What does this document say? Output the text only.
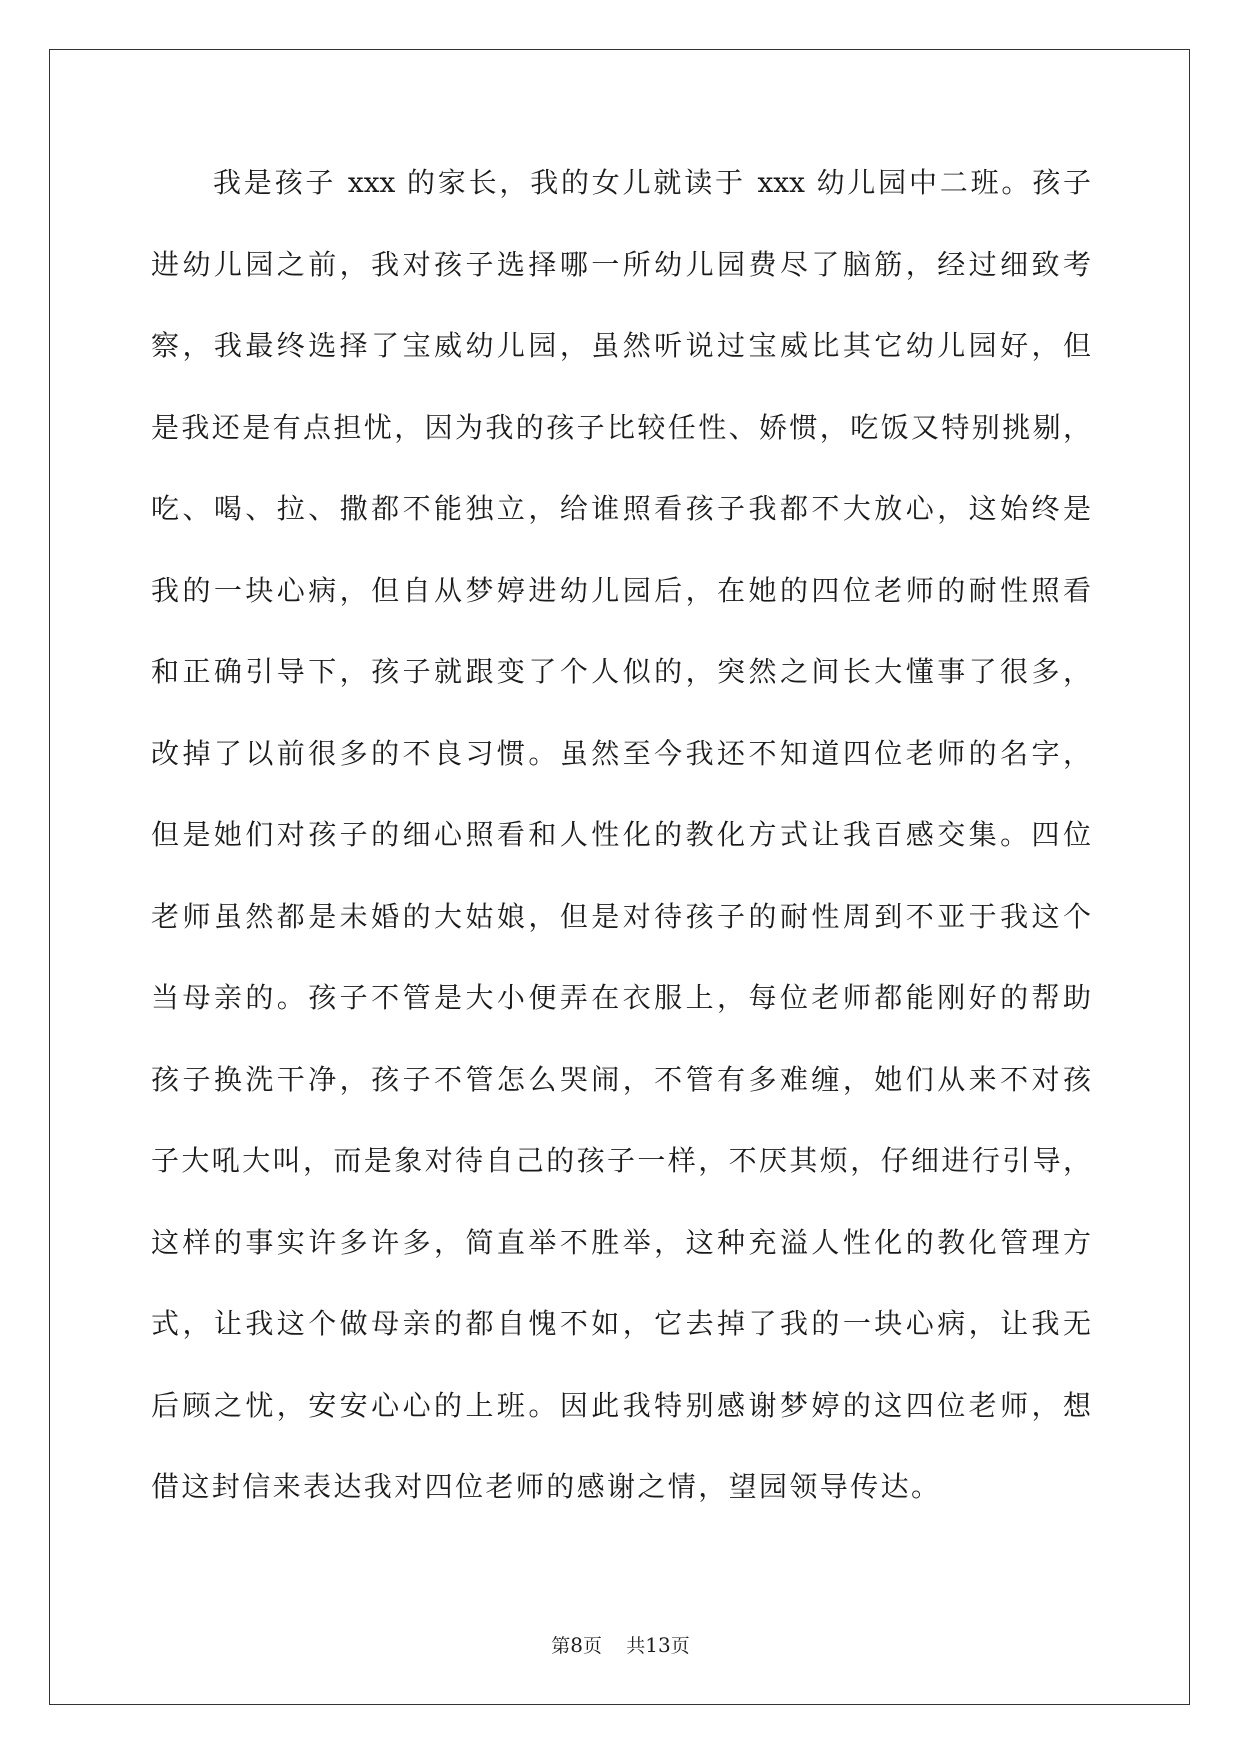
我是孩子 xxx 的家长，我的女儿就读于 xxx 幼儿园中二班。孩子
进幼儿园之前，我对孩子选择哪一所幼儿园费尽了脑筋，经过细致考
察，我最终选择了宝威幼儿园，虽然听说过宝威比其它幼儿园好，但
是我还是有点担忧，因为我的孩子比较任性、娇惯，吃饭又特别挑剔，
吃、喝、拉、撒都不能独立，给谁照看孩子我都不大放心，这始终是
我的一块心病，但自从梦婷进幼儿园后，在她的四位老师的耐性照看
和正确引导下，孩子就跟变了个人似的，突然之间长大懂事了很多，
改掉了以前很多的不良习惯。虽然至今我还不知道四位老师的名字，
但是她们对孩子的细心照看和人性化的教化方式让我百感交集。四位
老师虽然都是未婚的大姑娘，但是对待孩子的耐性周到不亚于我这个
当母亲的。孩子不管是大小便弄在衣服上，每位老师都能刚好的帮助
孩子换洗干净，孩子不管怎么哭闹，不管有多难缠，她们从来不对孩
子大吼大叫，而是象对待自己的孩子一样，不厌其烦，仔细进行引导，
这样的事实许多许多，简直举不胜举，这种充溢人性化的教化管理方
式，让我这个做母亲的都自愧不如，它去掉了我的一块心病，让我无
后顾之忧，安安心心的上班。因此我特别感谢梦婷的这四位老师，想
借这封信来表达我对四位老师的感谢之情，望园领导传达。
第8页 共13页
